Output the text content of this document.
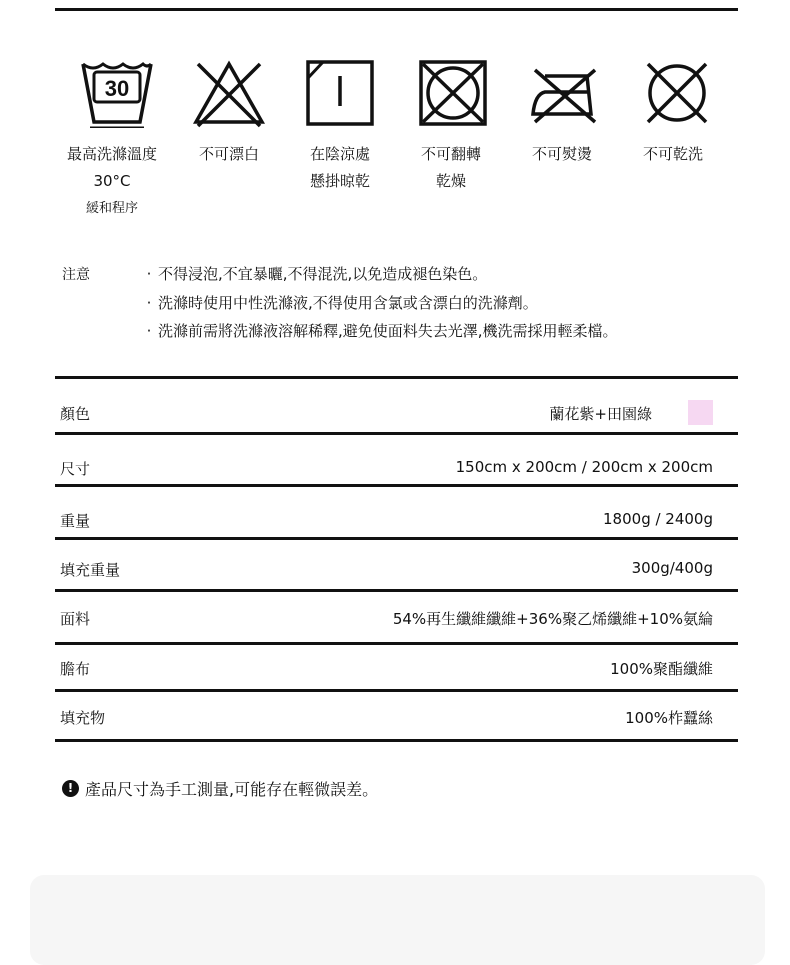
30
最高洗滌溫度
30°C
緩和程序
不可漂白	在陰涼處
懸掛晾乾
不可翻轉
乾燥
不可熨燙	不可乾洗
注意	· 不得浸泡,不宜暴曬,不得混洗,以免造成褪色染色。
· 洗滌時使用中性洗滌液,不得使用含氯或含漂白的洗滌劑。
· 洗滌前需將洗滌液溶解稀釋,避免使面料失去光澤,機洗需採用輕柔檔。
顏色	蘭花紫+田園綠
尺寸	150cm x 200cm / 200cm x 200cm
重量	1800g / 2400g
填充重量	300g/400g
面料	54%再生纖維纖維+36%聚乙烯纖維+10%氨綸
膽布	100%聚酯纖維
填充物	100%柞蠶絲
! 產品尺寸為手工測量,可能存在輕微誤差。
